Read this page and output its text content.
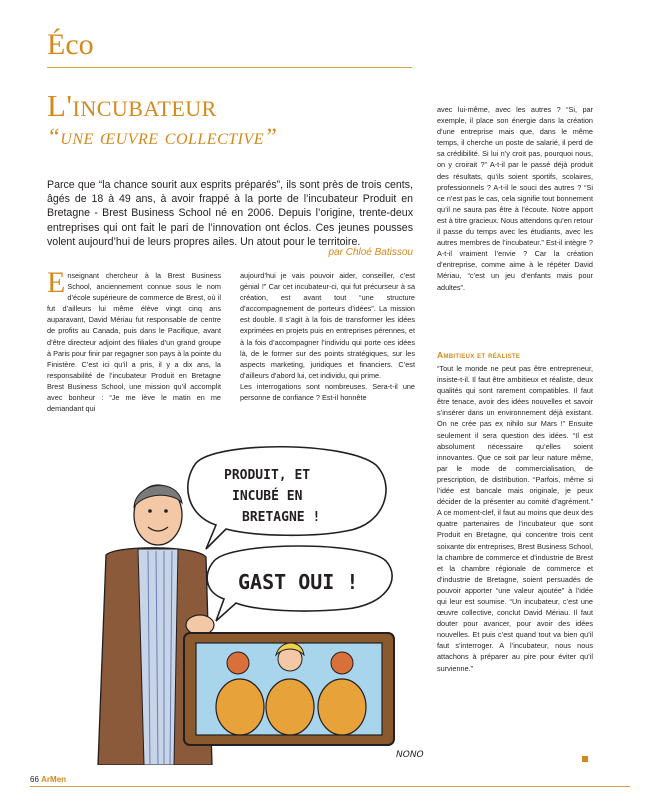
Éco
L'incubateur
“une œuvre collective”
Parce que “la chance sourit aux esprits préparés”, ils sont près de trois cents, âgés de 18 à 49 ans, à avoir frappé à la porte de l’incubateur Produit en Bretagne - Brest Business School né en 2006. Depuis l’origine, trente-deux entreprises qui ont fait le pari de l’innovation ont éclos. Ces jeunes pousses volent aujourd’hui de leurs propres ailes. Un atout pour le territoire.
par Chloé Batissou
Enseignant chercheur à la Brest Business School, anciennement connue sous le nom d’école supérieure de commerce de Brest, où il fut d’ailleurs lui même élève vingt cinq ans auparavant, David Mériau fut responsable de centre de profits au Canada, puis dans le Pacifique, avant d’être directeur adjoint des filiales d’un grand groupe à Paris pour finir par regagner son pays à la pointe du Finistère. C’est ici qu’il a pris, il y a dix ans, la responsabilité de l’incubateur Produit en Bretagne Brest Business School, une mission qu’il accomplit avec bonheur : “Je me lève le matin en me demandant qui
aujourd’hui je vais pouvoir aider, conseiller, c’est génial !” Car cet incubateur-ci, qui fut précurseur à sa création, est avant tout “une structure d’accompagnement de porteurs d’idées”. La mission est double. Il s’agit à la fois de transformer les idées exprimées en projets puis en entreprises pérennes, et à la fois d’accompagner l’individu qui porte ces idées là, de le former sur des points stratégiques, sur les aspects marketing, juridiques et financiers. C’est d’ailleurs d’abord lui, cet individu, qui prime.
Les interrogations sont nombreuses. Sera-t-il une personne de confiance ? Est-il honnête
avec lui-même, avec les autres ? “Si, par exemple, il place son énergie dans la création d’une entreprise mais que, dans le même temps, il cherche un poste de salarié, il perd de sa crédibilité. Si lui n’y croit pas, pourquoi nous, on y croirait ?” A-t-il par le passé déjà produit des résultats, qu’ils soient sportifs, scolaires, professionnels ? A-t-il le souci des autres ? “Si ce n’est pas le cas, cela signifie tout bonnement qu’il ne saura pas être à l’écoute. Notre apport est à titre gracieux. Nous attendons qu’en retour il passe du temps avec les étudiants, avec les autres membres de l’incubateur.” Est-il intègre ? A-t-il vraiment l’envie ? Car la création d’entreprise, comme aime à le répéter David Mériau, “c’est un jeu d’enfants mais pour adultes”.
Ambitieux et réaliste
“Tout le monde ne peut pas être entrepreneur, insiste-t-il. Il faut être ambitieux et réaliste, deux qualités qui sont rarement compatibles. Il faut être tenace, avoir des idées nouvelles et savoir s’insérer dans un environnement déjà existant. On ne crée pas ex nihilo sur Mars !” Ensuite seulement il sera question des idées. “Il est absolument nécessaire qu’elles soient innovantes. Que ce soit par leur nature même, par le mode de commercialisation, de prescription, de distribution. “Parfois, même si l’idée est bancale mais originale, je peux décider de la présenter au comité d’agrément.” A ce moment-clef, il faut au moins que deux des quatre partenaires de l’incubateur que sont Produit en Bretagne, qui concentre trois cent soixante dix entreprises, Brest Business School, la chambre de commerce et d’industrie de Brest et la chambre régionale de commerce et d’industrie de Bretagne, soient persuadés de pouvoir apporter “une valeur ajoutée” à l’idée qui leur est soumise. “Un incubateur, c’est une œuvre collective, conclut David Mériau. Il faut douter pour avancer, pour avoir des idées nouvelles. Et puis c’est quand tout va bien qu’il faut s’interroger. A l’incubateur, nous nous attachons à préparer au pire pour éviter qu’il survienne.”
PRODUIT, ET
INCUBÉ EN
BRETAGNE !
GAST OUI !
NONO
66 ArMen
